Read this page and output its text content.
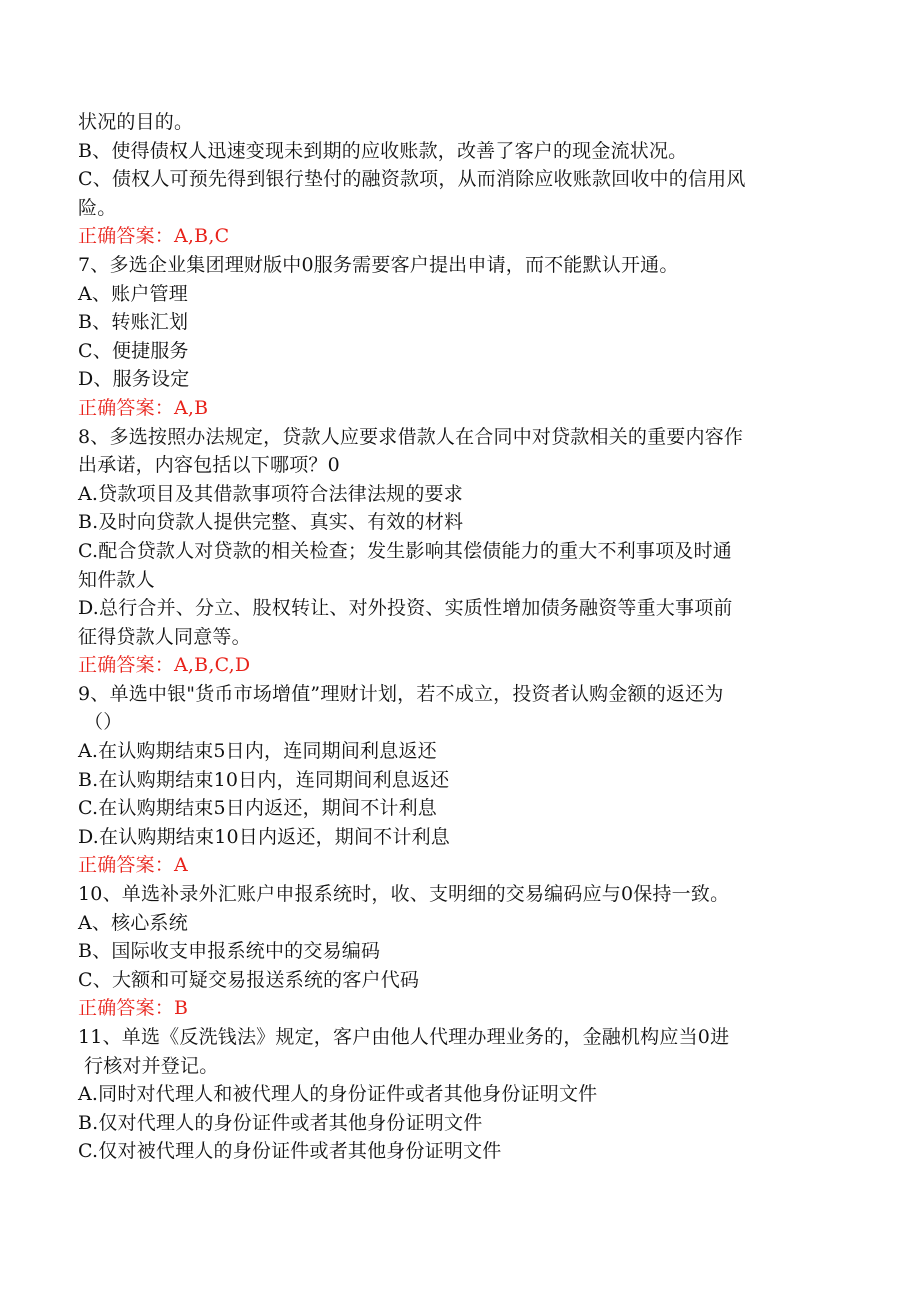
状况的目的。
B、使得债权人迅速变现未到期的应收账款，改善了客户的现金流状况。
C、债权人可预先得到银行垫付的融资款项，从而消除应收账款回收中的信用风
险。
正确答案：A,B,C
7、多选企业集团理财版中0服务需要客户提出申请，而不能默认开通。
A、账户管理
B、转账汇划
C、便捷服务
D、服务设定
正确答案：A,B
8、多选按照办法规定，贷款人应要求借款人在合同中对贷款相关的重要内容作
出承诺，内容包括以下哪项？0
A.贷款项目及其借款事项符合法律法规的要求
B.及时向贷款人提供完整、真实、有效的材料
C.配合贷款人对贷款的相关检查；发生影响其偿债能力的重大不利事项及时通
知件款人
D.总行合并、分立、股权转让、对外投资、实质性增加债务融资等重大事项前
征得贷款人同意等。
正确答案：A,B,C,D
9、单选中银"货币市场增值”理财计划，若不成立，投资者认购金额的返还为
（）
A.在认购期结束5日内，连同期间利息返还
B.在认购期结束10日内，连同期间利息返还
C.在认购期结束5日内返还，期间不计利息
D.在认购期结束10日内返还，期间不计利息
正确答案：A
10、单选补录外汇账户申报系统时，收、支明细的交易编码应与0保持一致。
A、核心系统
B、国际收支申报系统中的交易编码
C、大额和可疑交易报送系统的客户代码
正确答案：B
11、单选《反洗钱法》规定，客户由他人代理办理业务的，金融机构应当0进
行核对并登记。
A.同时对代理人和被代理人的身份证件或者其他身份证明文件
B.仅对代理人的身份证件或者其他身份证明文件
C.仅对被代理人的身份证件或者其他身份证明文件
